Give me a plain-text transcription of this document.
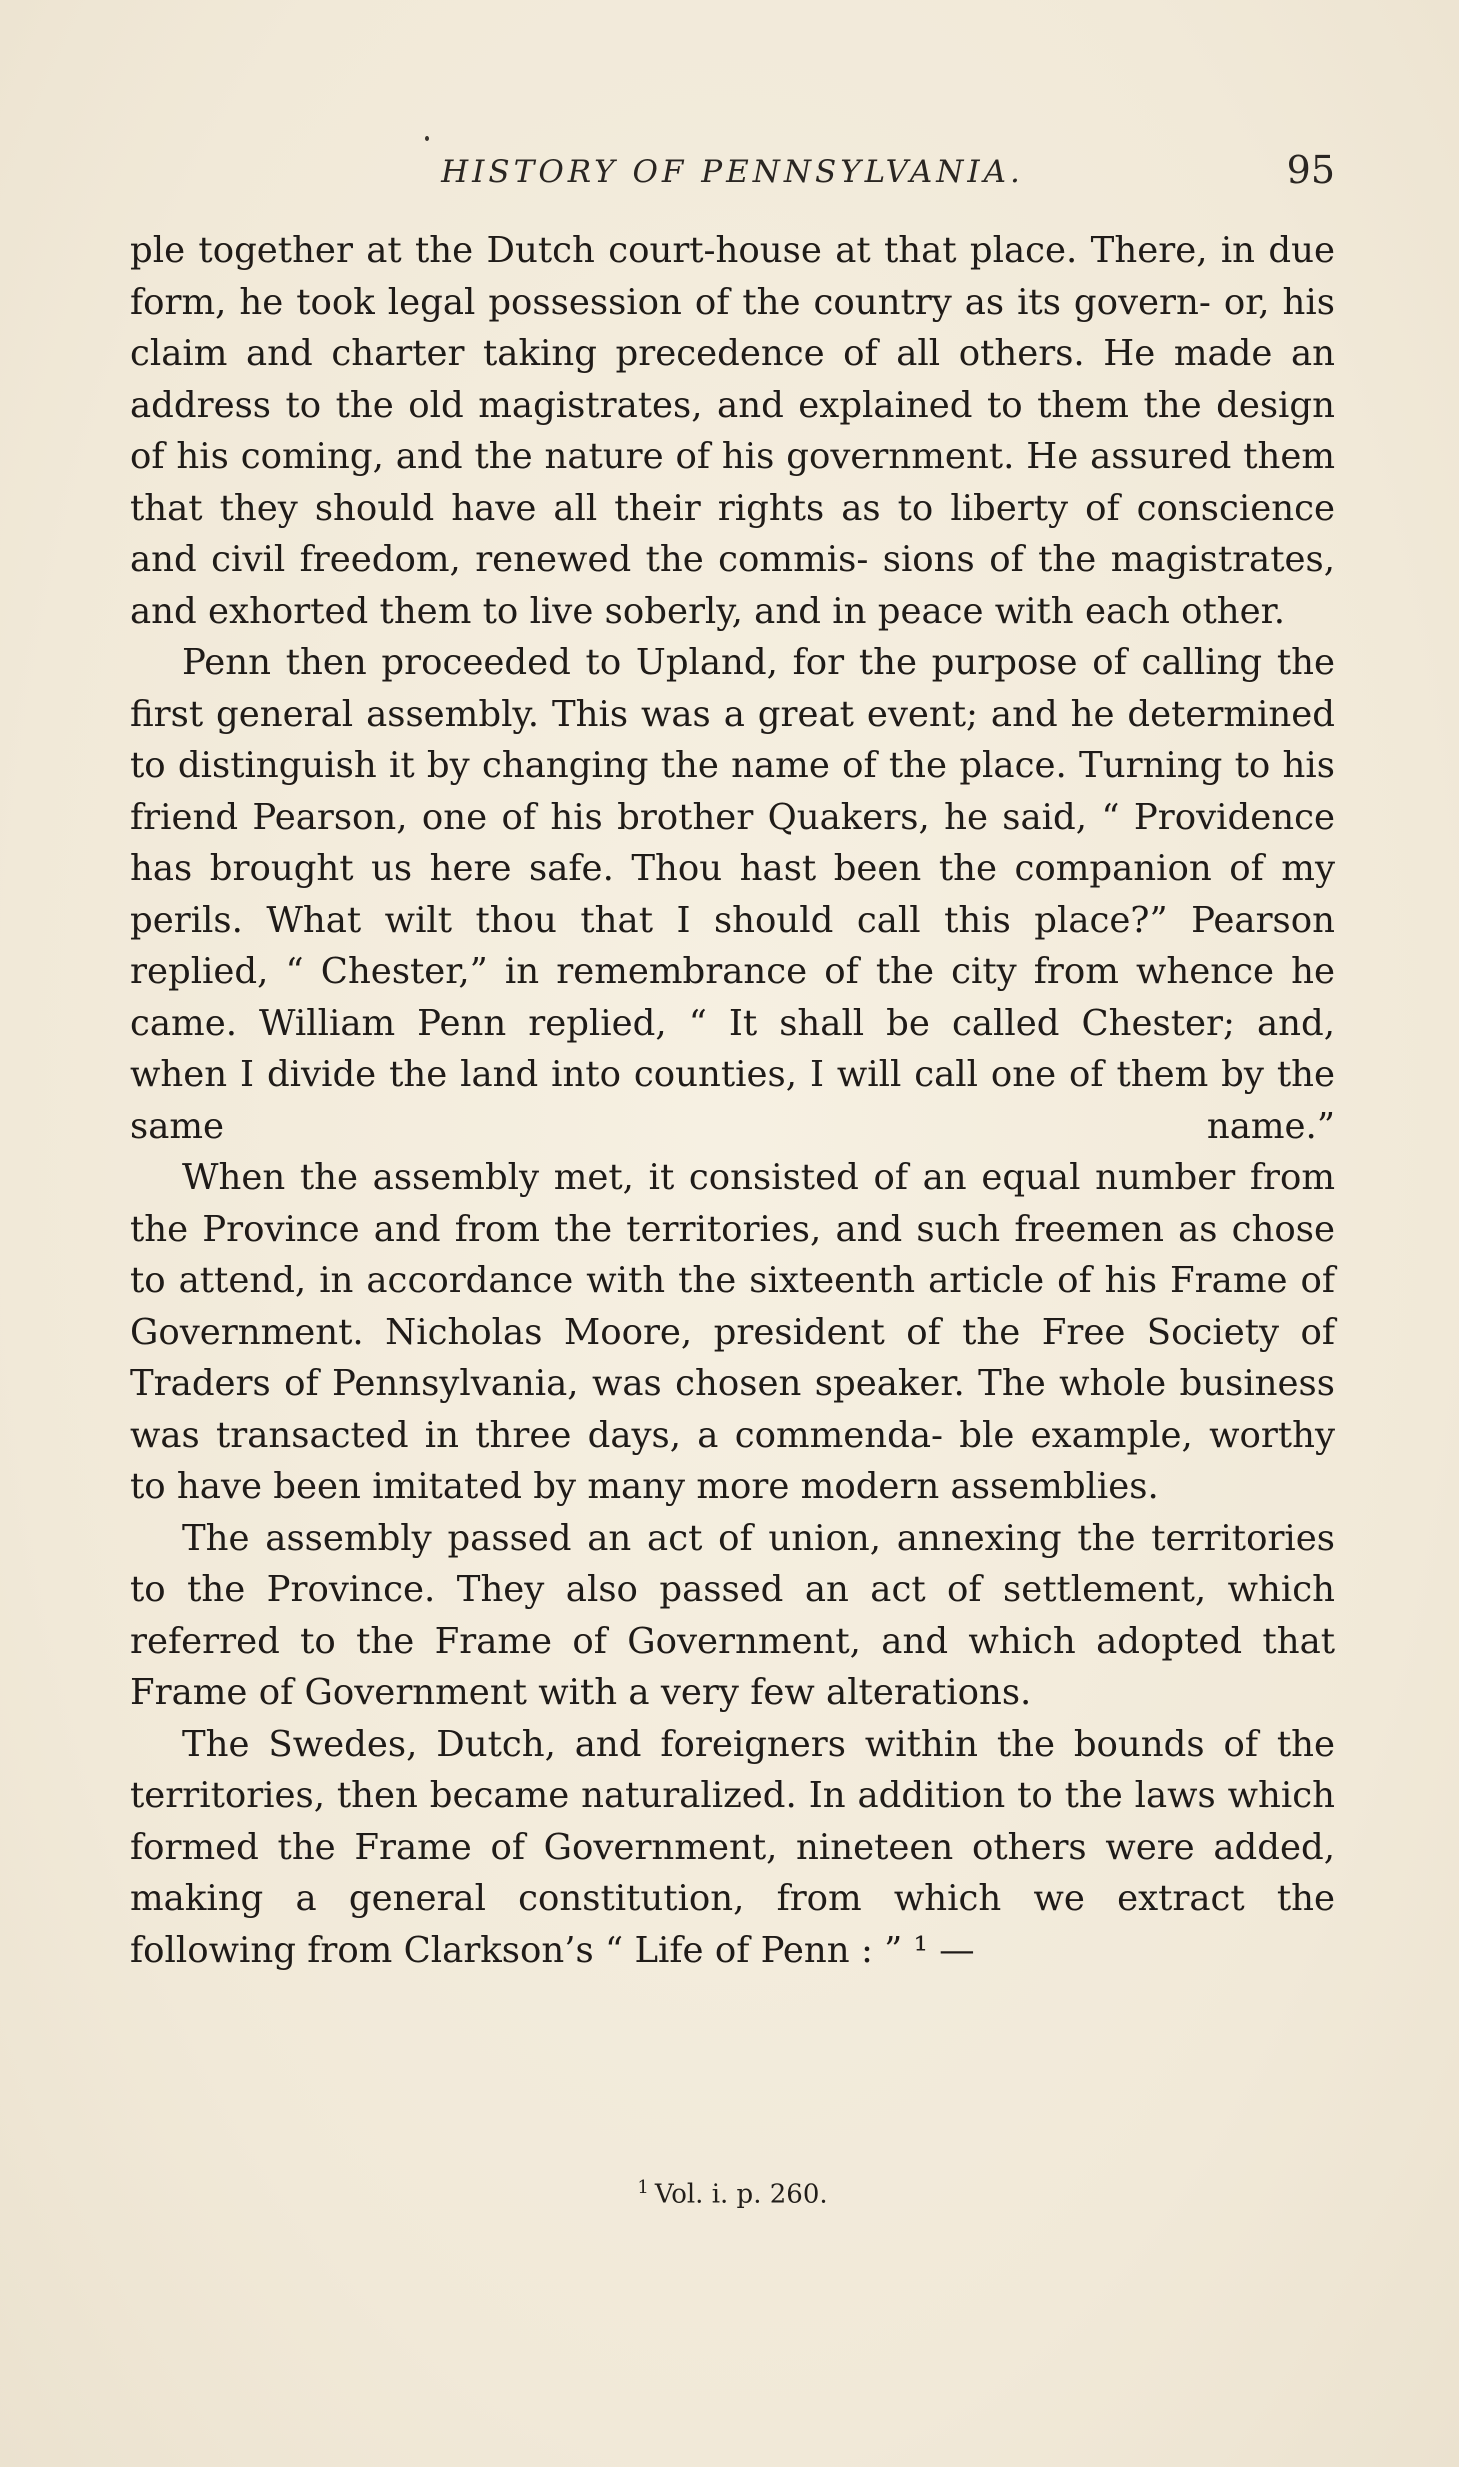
HISTORY OF PENNSYLVANIA.	95

ple together at the Dutch court-house at that place. There, in due form, he took legal possession of the country as its govern- or, his claim and charter taking precedence of all others. He made an address to the old magistrates, and explained to them the design of his coming, and the nature of his government. He assured them that they should have all their rights as to liberty of conscience and civil freedom, renewed the commis- sions of the magistrates, and exhorted them to live soberly, and in peace with each other.

Penn then proceeded to Upland, for the purpose of calling the first general assembly. This was a great event; and he determined to distinguish it by changing the name of the place. Turning to his friend Pearson, one of his brother Quakers, he said, “ Providence has brought us here safe. Thou hast been the companion of my perils. What wilt thou that I should call this place?” Pearson replied, “ Chester,” in remembrance of the city from whence he came. William Penn replied, “ It shall be called Chester; and, when I divide the land into counties, I will call one of them by the same name.”

When the assembly met, it consisted of an equal number from the Province and from the territories, and such freemen as chose to attend, in accordance with the sixteenth article of his Frame of Government. Nicholas Moore, president of the Free Society of Traders of Pennsylvania, was chosen speaker. The whole business was transacted in three days, a commenda- ble example, worthy to have been imitated by many more modern assemblies.

The assembly passed an act of union, annexing the territories to the Province. They also passed an act of settlement, which referred to the Frame of Government, and which adopted that Frame of Government with a very few alterations.

The Swedes, Dutch, and foreigners within the bounds of the territories, then became naturalized. In addition to the laws which formed the Frame of Government, nineteen others were added, making a general constitution, from which we extract the following from Clarkson’s “ Life of Penn : ” ¹ —

$^1$ Vol. i. p. 260.
